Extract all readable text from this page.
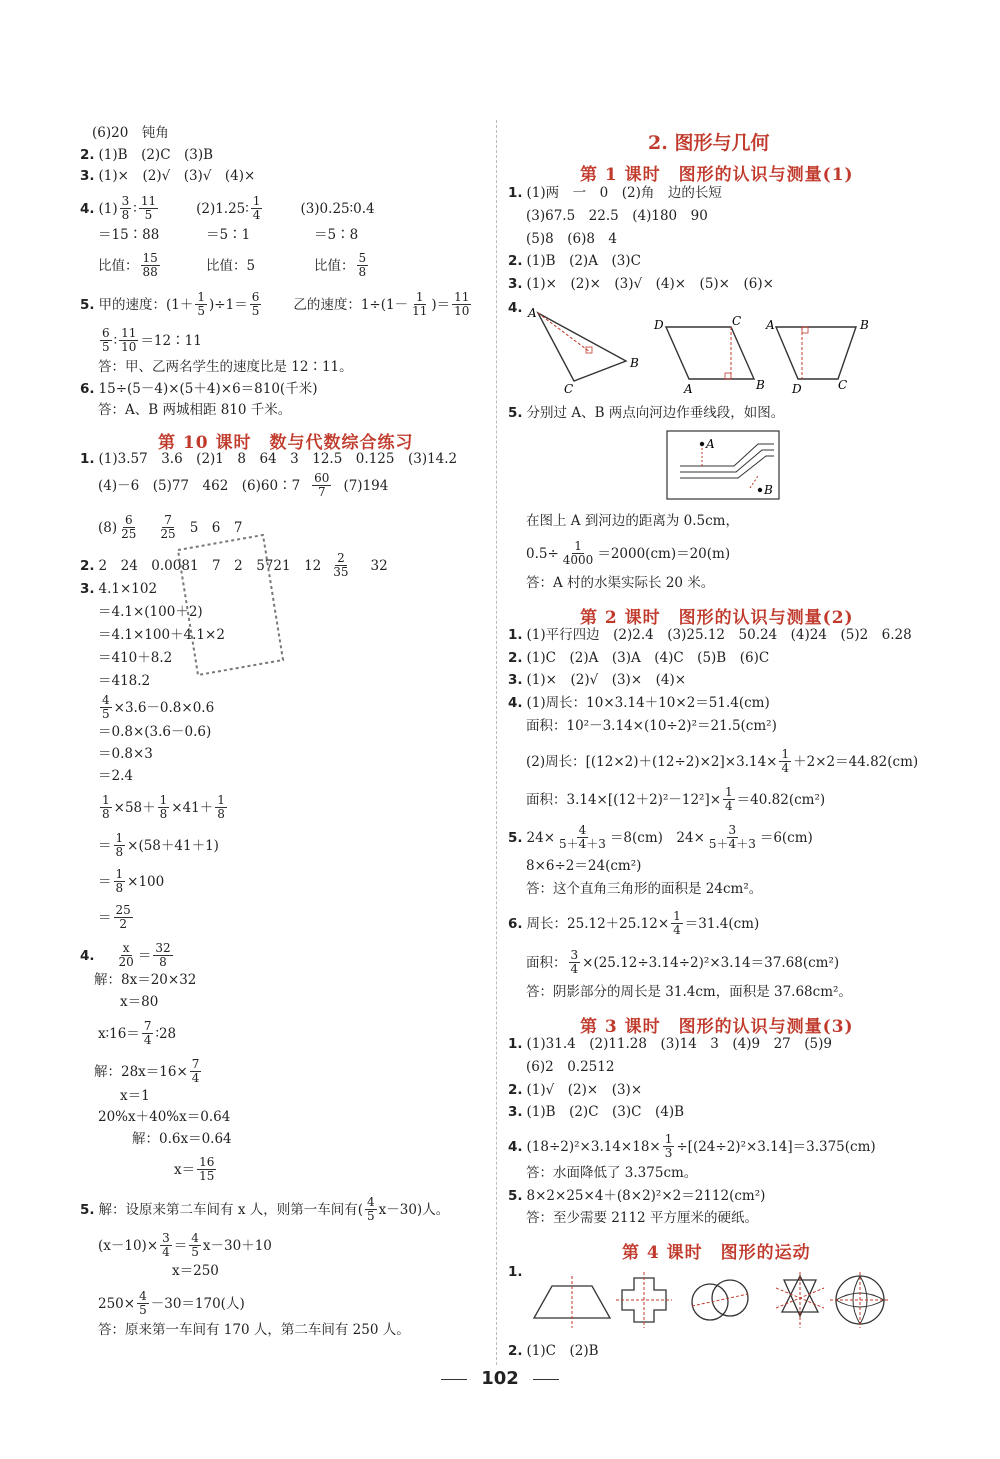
(6)20　钝角
2. (1)B　(2)C　(3)B
3. (1)×　(2)√　(3)√　(4)×
4. $(1) \frac{3}{8}$ ∶ $\frac{11}{5}$	(2)1.25∶ $\frac{1}{4}$	(3)0.25∶0.4
＝15∶88	＝5∶1	＝5∶8
比值： $\frac{15}{88}$	比值：5	比值： $\frac{5}{8}$
5. 甲的速度：$(1+ \frac{1}{5} )\div 1= \frac{6}{5}$ 乙的速度：$1\div(1- \frac{1}{11}$ )＝ $\frac{11}{10}$
$\frac{6}{5}$ ∶ $\frac{11}{10}$ ＝12∶11
答：甲、乙两名学生的速度比是 12∶11。
6. 15÷(5－4)×(5＋4)×6＝810(千米)
答：A、B 两城相距 810 千米。
第 10 课时　数与代数综合练习
1. (1)3.57　3.6　(2)1　8　64　3　12.5　0.125　(3)14.2
(4)－6　(5)77　462　(6)60∶7 $\frac{60}{7} (7)194$
$(8) \frac{6}{25} \frac{7}{25} 5$　6　7
2. 2　24　0.0081　7　2　5721　$12 \frac{2}{35} 32$
3. 4.1×102
＝4.1×(100＋2)
＝4.1×100＋4.1×2
＝410＋8.2
＝418.2
$\frac{4}{5} \times 3.6-0.8\times 0.6$
＝0.8×(3.6－0.6)
＝0.8×3
＝2.4
$\frac{1}{8} \times 58+ \frac{1}{8} \times 41+ \frac{1}{8}$
＝ $\frac{1}{8} \times(58+41+1)$
＝ $\frac{1}{8} \times 100$
＝ $\frac{25}{2}$
4. $\frac{x}{20} = \frac{32}{8}$
解：8x＝20×32
x＝80
x∶16＝ $\frac{7}{4}$ ∶28
解：$28x=16\times \frac{7}{4}$
x＝1
20%x＋40%x＝0.64
解：0.6x＝0.64
$x= \frac{16}{15}$
5. 解：设原来第二车间有 x 人，则第一车间有( $\frac{4}{5} x-30$)人。
$(x-10)\times \frac{3}{4} = \frac{4}{5} x-30+10$
x＝250
$250\times \frac{4}{5} -30=170$(人)
答：原来第一车间有 170 人，第二车间有 250 人。
2. 图形与几何
第 1 课时　图形的认识与测量(1)
1. (1)两　一　0　(2)角　边的长短
(3)67.5　22.5　(4)180　90
(5)8　(6)8　4
2. (1)B　(2)A　(3)C
3. (1)×　(2)×　(3)√　(4)×　(5)×　(6)×
4. A
B
C
D	C
A	B
A	B
D	C
5. 分别过 A、B 两点向河边作垂线段，如图。
A
B
在图上 A 到河边的距离为 0.5cm，
$0.5\div \frac{1}{4000} =2000(cm)=20(m)$
答：A 村的水渠实际长 20 米。
第 2 课时　图形的认识与测量(2)
1. (1)平行四边　(2)2.4　(3)25.12　50.24　(4)24　(5)2　6.28
2. (1)C　(2)A　(3)A　(4)C　(5)B　(6)C
3. (1)×　(2)√　(3)×　(4)×
4. (1)周长：10×3.14＋10×2＝51.4(cm)
面积：10²－3.14×(10÷2)²＝21.5(cm²)
(2)周长：$[(12\times 2)+(12\div 2)\times 2]\times 3.14\times \frac{1}{4} +2\times 2=44.82(cm)$
面积：$3.14\times[(12+2)^2-12^2]\times \frac{1}{4} =40.82(cm^2)$
5. $24\times \frac{4}{5+4+3} =8(cm)$　$24\times \frac{3}{5+4+3} =6(cm)$
8×6÷2＝24(cm²)
答：这个直角三角形的面积是 24cm²。
6. 周长：$25.12+25.12\times \frac{1}{4} =31.4(cm)$
面积： $\frac{3}{4} \times(25.12\div 3.14\div 2)^2\times 3.14=37.68(cm^2)$
答：阴影部分的周长是 31.4cm，面积是 37.68cm²。
第 3 课时　图形的认识与测量(3)
1. (1)31.4　(2)11.28　(3)14　3　(4)9　27　(5)9
(6)2　0.2512
2. (1)√　(2)×　(3)×
3. (1)B　(2)C　(3)C　(4)B
4. $(18\div 2)^2\times 3.14\times 18\times \frac{1}{3} \div[(24\div 2)^2\times 3.14]=3.375(cm)$
答：水面降低了 3.375cm。
5. 8×2×25×4＋(8×2)²×2＝2112(cm²)
答：至少需要 2112 平方厘米的硬纸。
第 4 课时　图形的运动
1.
2. (1)C　(2)B
102
